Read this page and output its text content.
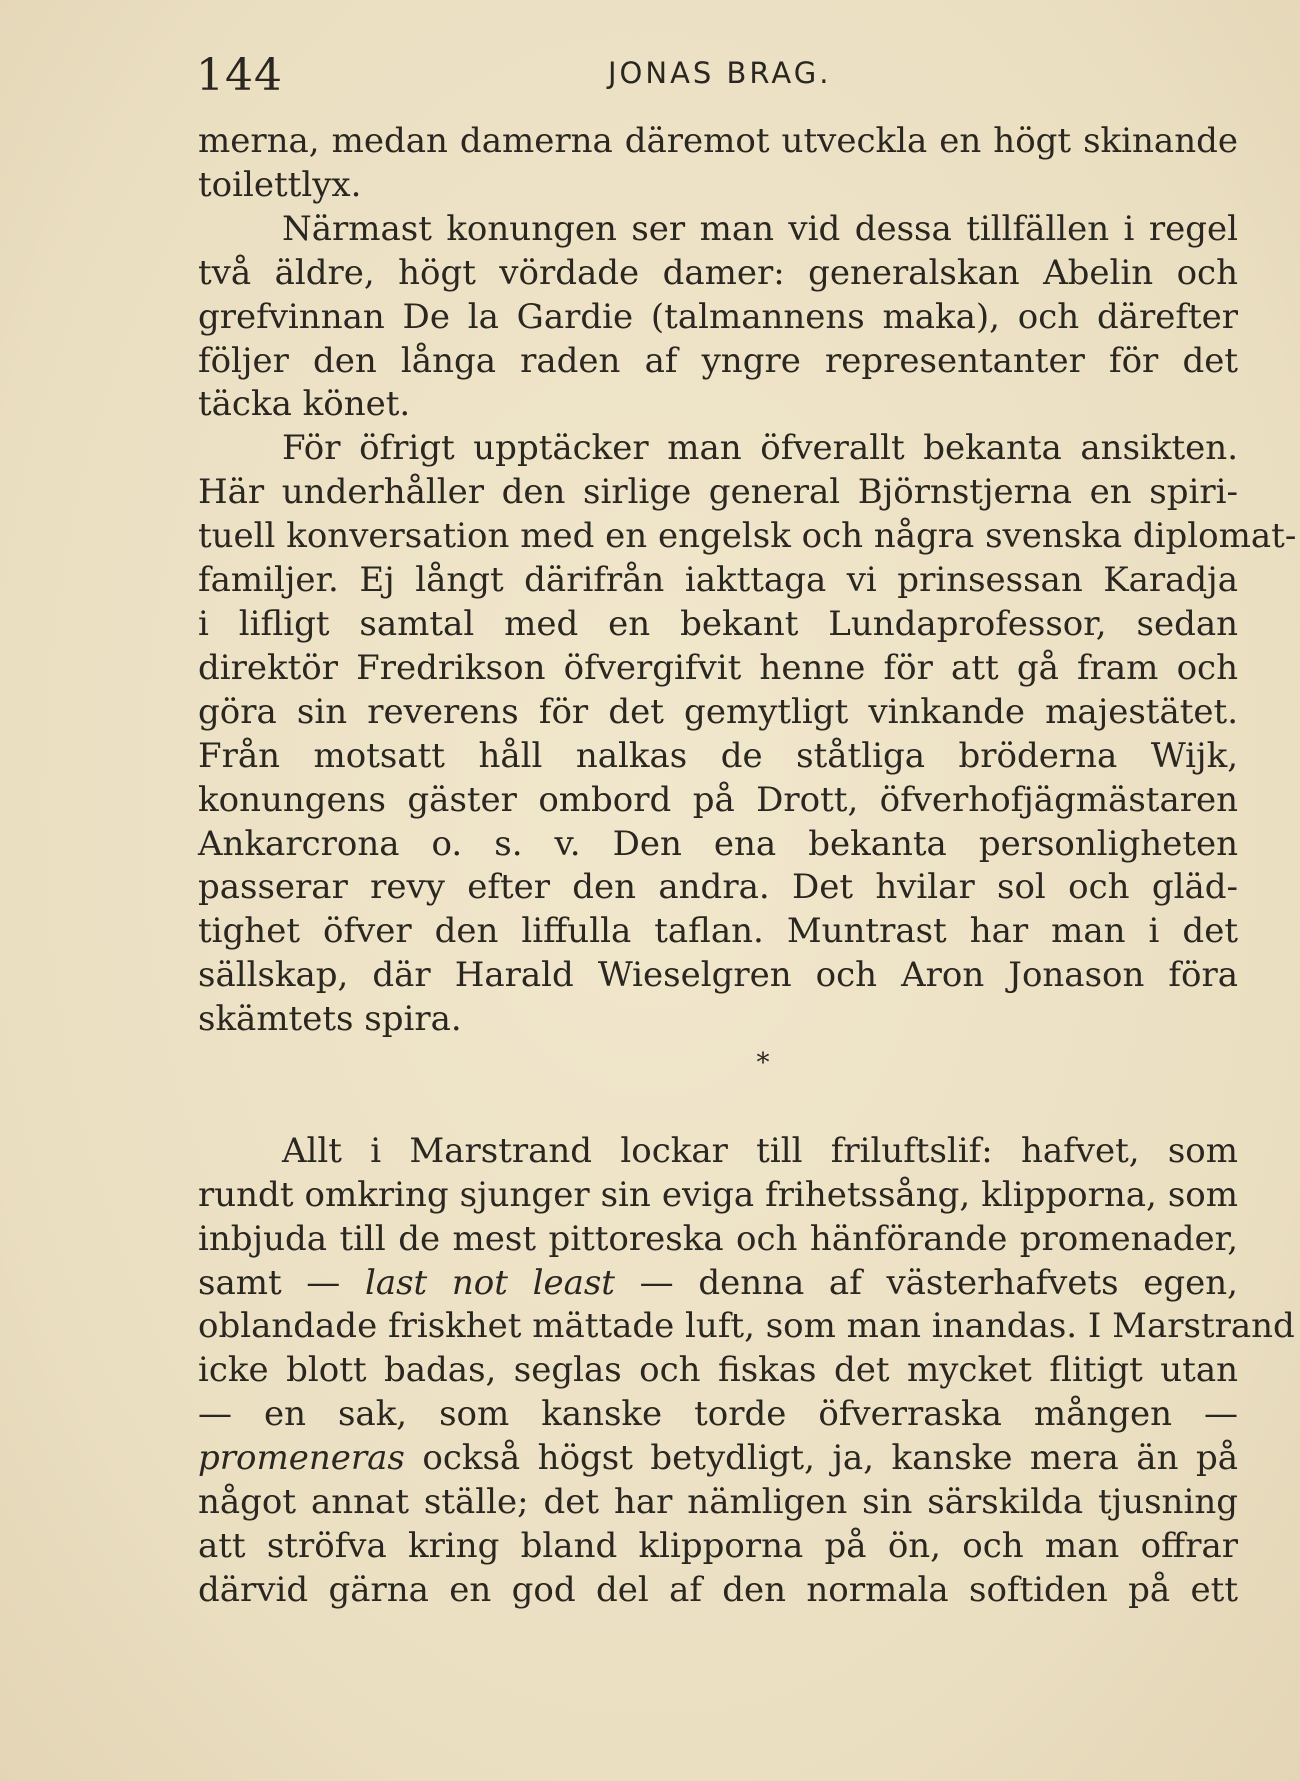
144	JONAS BRAG.
merna, medan damerna däremot utveckla en högt skinande
toilettlyx.
Närmast konungen ser man vid dessa tillfällen i regel
två äldre, högt vördade damer: generalskan Abelin och
grefvinnan De la Gardie (talmannens maka), och därefter
följer den långa raden af yngre representanter för det
täcka könet.
För öfrigt upptäcker man öfverallt bekanta ansikten.
Här underhåller den sirlige general Björnstjerna en spiri-
tuell konversation med en engelsk och några svenska diplomat-
familjer. Ej långt därifrån iakttaga vi prinsessan Karadja
i lifligt samtal med en bekant Lundaprofessor, sedan
direktör Fredrikson öfvergifvit henne för att gå fram och
göra sin reverens för det gemytligt vinkande majestätet.
Från motsatt håll nalkas de ståtliga bröderna Wijk,
konungens gäster ombord på Drott, öfverhofjägmästaren
Ankarcrona o. s. v. Den ena bekanta personligheten
passerar revy efter den andra. Det hvilar sol och gläd-
tighet öfver den liffulla taflan. Muntrast har man i det
sällskap, där Harald Wieselgren och Aron Jonason föra
skämtets spira.
*
Allt i Marstrand lockar till friluftslif: hafvet, som
rundt omkring sjunger sin eviga frihetssång, klipporna, som
inbjuda till de mest pittoreska och hänförande promenader,
samt — last not least — denna af västerhafvets egen,
oblandade friskhet mättade luft, som man inandas. I Marstrand
icke blott badas, seglas och fiskas det mycket flitigt utan
— en sak, som kanske torde öfverraska mången —
promeneras också högst betydligt, ja, kanske mera än på
något annat ställe; det har nämligen sin särskilda tjusning
att ströfva kring bland klipporna på ön, och man offrar
därvid gärna en god del af den normala softiden på ett
